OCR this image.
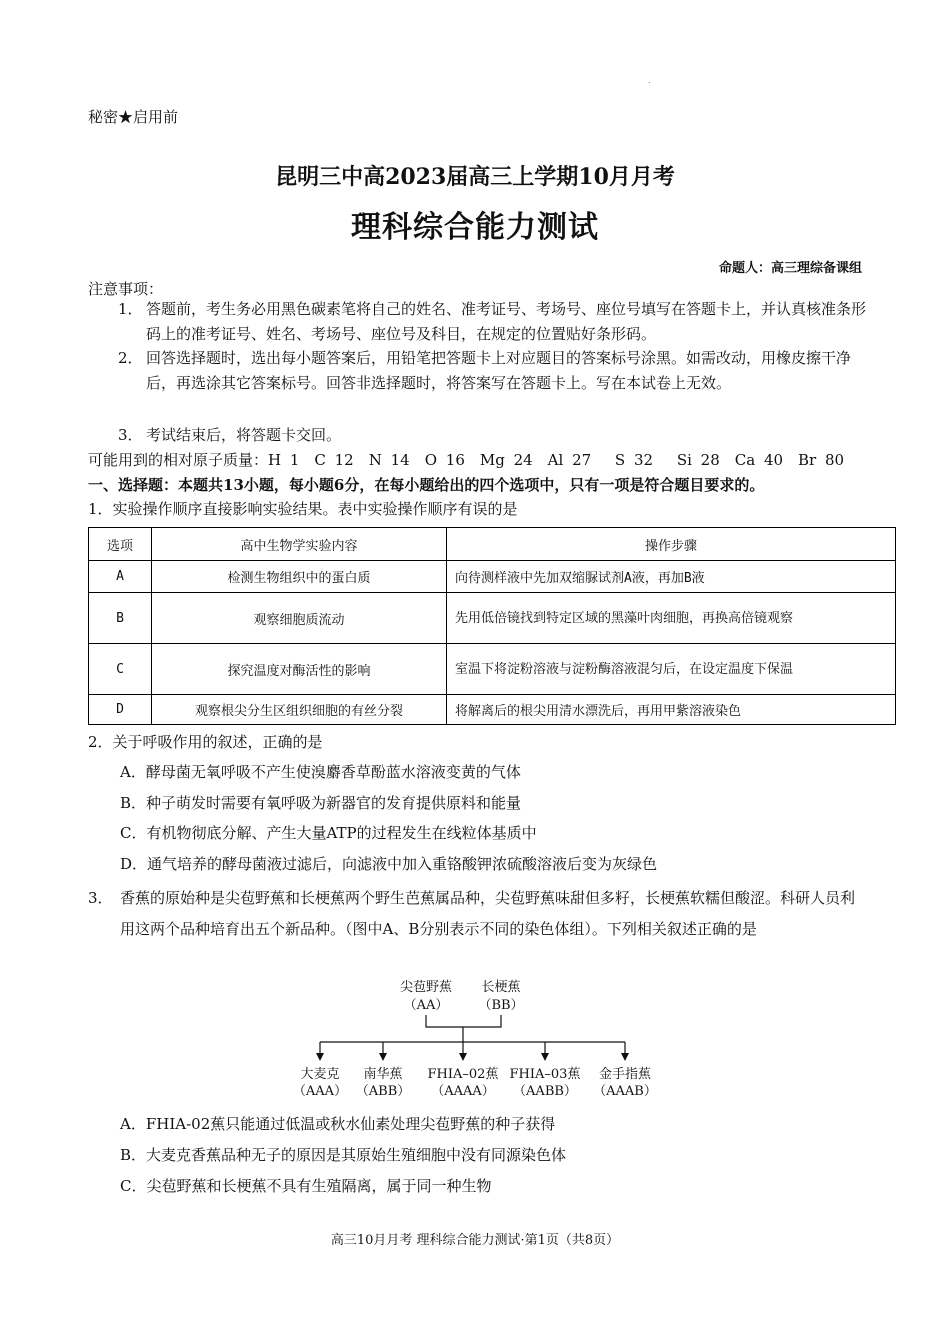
.
秘密★启用前
昆明三中高2023届高三上学期10月月考
理科综合能力测试
命题人：高三理综备课组
注意事项：
1． 答题前，考生务必用黑色碳素笔将自己的姓名、准考证号、考场号、座位号填写在答题卡上，并认真核准条形码上的准考证号、姓名、考场号、座位号及科目，在规定的位置贴好条形码。
2． 回答选择题时，选出每小题答案后，用铅笔把答题卡上对应题目的答案标号涂黑。如需改动，用橡皮擦干净后，再选涂其它答案标号。回答非选择题时，将答案写在答题卡上。写在本试卷上无效。
3． 考试结束后，将答题卡交回。
可能用到的相对原子质量：H 1　C 12　N 14　O 16　Mg 24　Al 27　 S 32　 Si 28　Ca 40　Br 80
一、选择题：本题共13小题，每小题6分，在每小题给出的四个选项中，只有一项是符合题目要求的。
1．实验操作顺序直接影响实验结果。表中实验操作顺序有误的是
选项	高中生物学实验内容	操作步骤
A	检测生物组织中的蛋白质	向待测样液中先加双缩脲试剂A液，再加B液
B	观察细胞质流动	先用低倍镜找到特定区域的黑藻叶肉细胞，再换高倍镜观察
C	探究温度对酶活性的影响	室温下将淀粉溶液与淀粉酶溶液混匀后，在设定温度下保温
D	观察根尖分生区组织细胞的有丝分裂	将解离后的根尖用清水漂洗后，再用甲紫溶液染色
2．关于呼吸作用的叙述，正确的是
A．酵母菌无氧呼吸不产生使溴麝香草酚蓝水溶液变黄的气体
B．种子萌发时需要有氧呼吸为新器官的发育提供原料和能量
C．有机物彻底分解、产生大量ATP的过程发生在线粒体基质中
D．通气培养的酵母菌液过滤后，向滤液中加入重铬酸钾浓硫酸溶液后变为灰绿色
3． 香蕉的原始种是尖苞野蕉和长梗蕉两个野生芭蕉属品种，尖苞野蕉味甜但多籽，长梗蕉软糯但酸涩。科研人员利用这两个品种培育出五个新品种。（图中A、B分别表示不同的染色体组）。下列相关叙述正确的是
尖苞野蕉
（AA）
长梗蕉
（BB）
大麦克
（AAA）
南华蕉
（ABB）
FHIA–02蕉
（AAAA）
FHIA–03蕉
（AABB）
金手指蕉
（AAAB）
A．FHIA-02蕉只能通过低温或秋水仙素处理尖苞野蕉的种子获得
B．大麦克香蕉品种无子的原因是其原始生殖细胞中没有同源染色体
C．尖苞野蕉和长梗蕉不具有生殖隔离，属于同一种生物
高三10月月考 理科综合能力测试·第1页（共8页）
